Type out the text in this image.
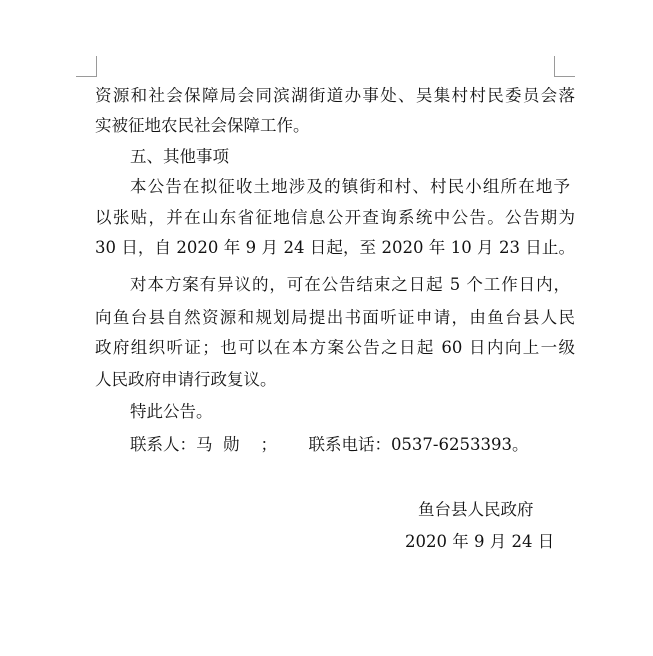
资源和社会保障局会同滨湖街道办事处、吴集村村民委员会落
实被征地农民社会保障工作。
五、其他事项
本公告在拟征收土地涉及的镇街和村、村民小组所在地予
以张贴，并在山东省征地信息公开查询系统中公告。公告期为
30 日，自 2020 年 9 月 24 日起，至 2020 年 10 月 23 日止。
对本方案有异议的，可在公告结束之日起 5 个工作日内，
向鱼台县自然资源和规划局提出书面听证申请，由鱼台县人民
政府组织听证；也可以在本方案公告之日起 60 日内向上一级
人民政府申请行政复议。
特此公告。
联系人：马  勋    ；      联系电话：0537-6253393。
鱼台县人民政府
2020 年 9 月 24 日
